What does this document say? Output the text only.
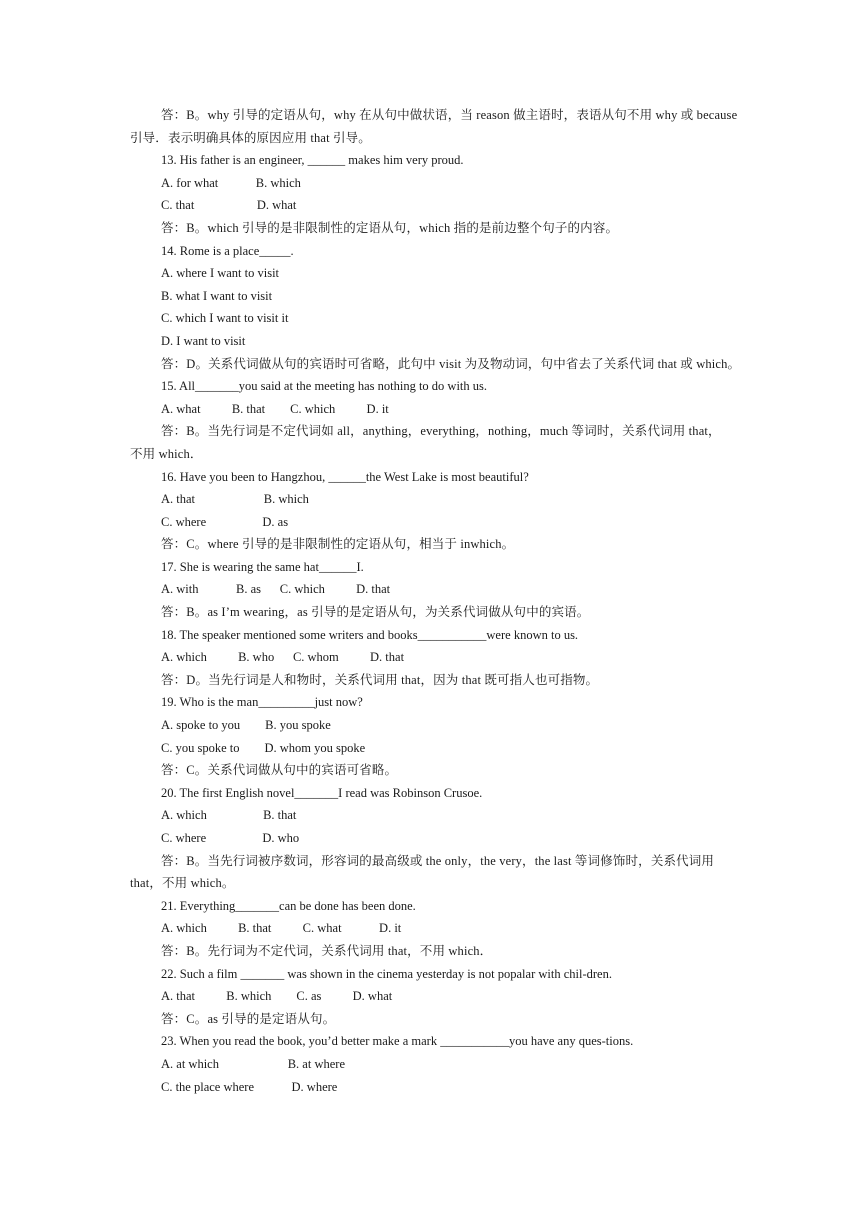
答：B。why 引导的定语从句，why 在从句中做状语，当 reason 做主语时，表语从句不用 why 或 because
引导．表示明确具体的原因应用 that 引导。
13. His father is an engineer, ______ makes him very proud.
A. for what            B. which
C. that                    D. what
答：B。which 引导的是非限制性的定语从句，which 指的是前边整个句子的内容。
14. Rome is a place_____.
A. where I want to visit
B. what I want to visit
C. which I want to visit it
D. I want to visit
答：D。关系代词做从句的宾语时可省略，此句中 visit 为及物动词，句中省去了关系代词 that 或 which。
15. All_______you said at the meeting has nothing to do with us.
A. what          B. that        C. which          D. it
答：B。当先行词是不定代词如 all，anything，everything，nothing，much 等词时，关系代词用 that，
不用 which．
16. Have you been to Hangzhou, ______the West Lake is most beautiful?
A. that                      B. which
C. where                  D. as
答：C。where 引导的是非限制性的定语从句，相当于 inwhich。
17. She is wearing the same hat______I.
A. with            B. as      C. which          D. that
答：B。as I’m wearing，as 引导的是定语从句，为关系代词做从句中的宾语。
18. The speaker mentioned some writers and books___________were known to us.
A. which          B. who      C. whom          D. that
答：D。当先行词是人和物时，关系代词用 that，因为 that 既可指人也可指物。
19. Who is the man_________just now?
A. spoke to you        B. you spoke
C. you spoke to        D. whom you spoke
答：C。关系代词做从句中的宾语可省略。
20. The first English novel_______I read was Robinson Crusoe.
A. which                  B. that
C. where                  D. who
答：B。当先行词被序数词，形容词的最高级或 the only，the very，the last 等词修饰时，关系代词用
that，不用 which。
21. Everything_______can be done has been done.
A. which          B. that          C. what            D. it
答：B。先行词为不定代词，关系代词用 that，不用 which．
22. Such a film _______ was shown in the cinema yesterday is not popalar with chil-dren.
A. that          B. which        C. as          D. what
答：C。as 引导的是定语从句。
23. When you read the book, you’d better make a mark ___________you have any ques-tions.
A. at which                      B. at where
C. the place where            D. where
